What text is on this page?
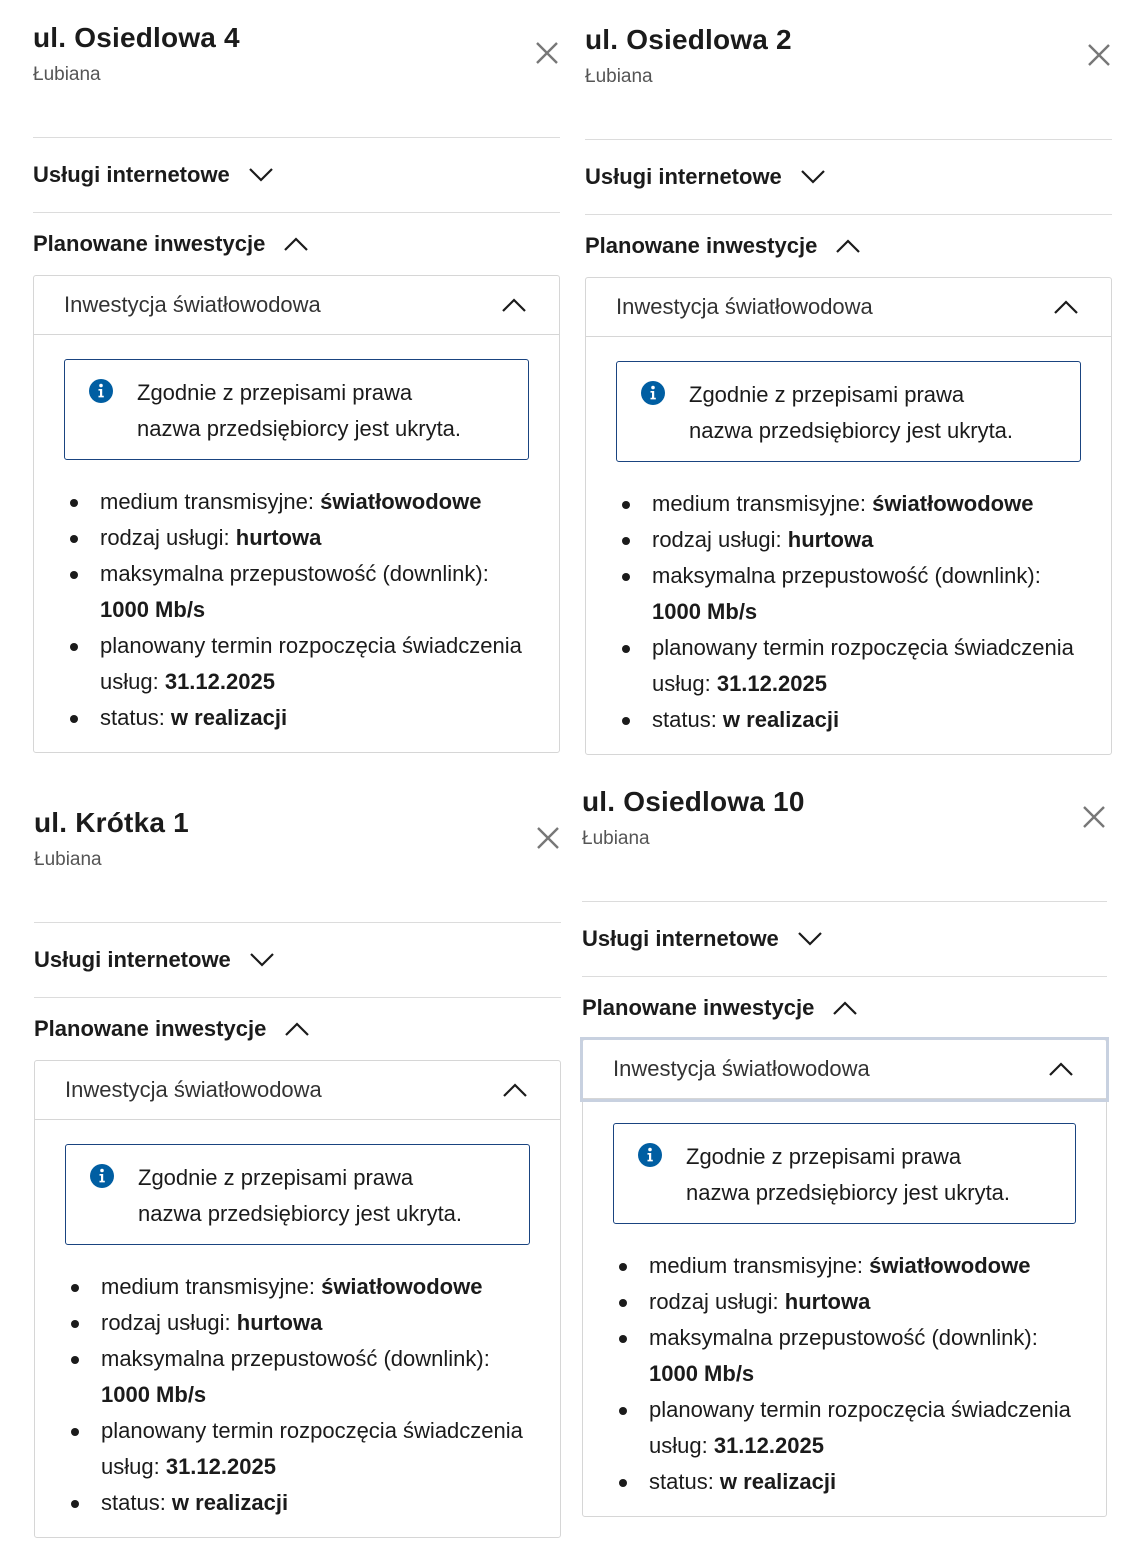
ul. Osiedlowa 4
Łubiana
Usługi internetowe
Planowane inwestycje
Inwestycja światłowodowa
Zgodnie z przepisami prawa
nazwa przedsiębiorcy jest ukryta.
medium transmisyjne: światłowodowe
rodzaj usługi: hurtowa
maksymalna przepustowość (downlink): 1000 Mb/s
planowany termin rozpoczęcia świadczenia usług: 31.12.2025
status: w realizacji
ul. Osiedlowa 2
Łubiana
Usługi internetowe
Planowane inwestycje
Inwestycja światłowodowa
Zgodnie z przepisami prawa
nazwa przedsiębiorcy jest ukryta.
medium transmisyjne: światłowodowe
rodzaj usługi: hurtowa
maksymalna przepustowość (downlink): 1000 Mb/s
planowany termin rozpoczęcia świadczenia usług: 31.12.2025
status: w realizacji
ul. Krótka 1
Łubiana
Usługi internetowe
Planowane inwestycje
Inwestycja światłowodowa
Zgodnie z przepisami prawa
nazwa przedsiębiorcy jest ukryta.
medium transmisyjne: światłowodowe
rodzaj usługi: hurtowa
maksymalna przepustowość (downlink): 1000 Mb/s
planowany termin rozpoczęcia świadczenia usług: 31.12.2025
status: w realizacji
ul. Osiedlowa 10
Łubiana
Usługi internetowe
Planowane inwestycje
Inwestycja światłowodowa
Zgodnie z przepisami prawa
nazwa przedsiębiorcy jest ukryta.
medium transmisyjne: światłowodowe
rodzaj usługi: hurtowa
maksymalna przepustowość (downlink): 1000 Mb/s
planowany termin rozpoczęcia świadczenia usług: 31.12.2025
status: w realizacji
